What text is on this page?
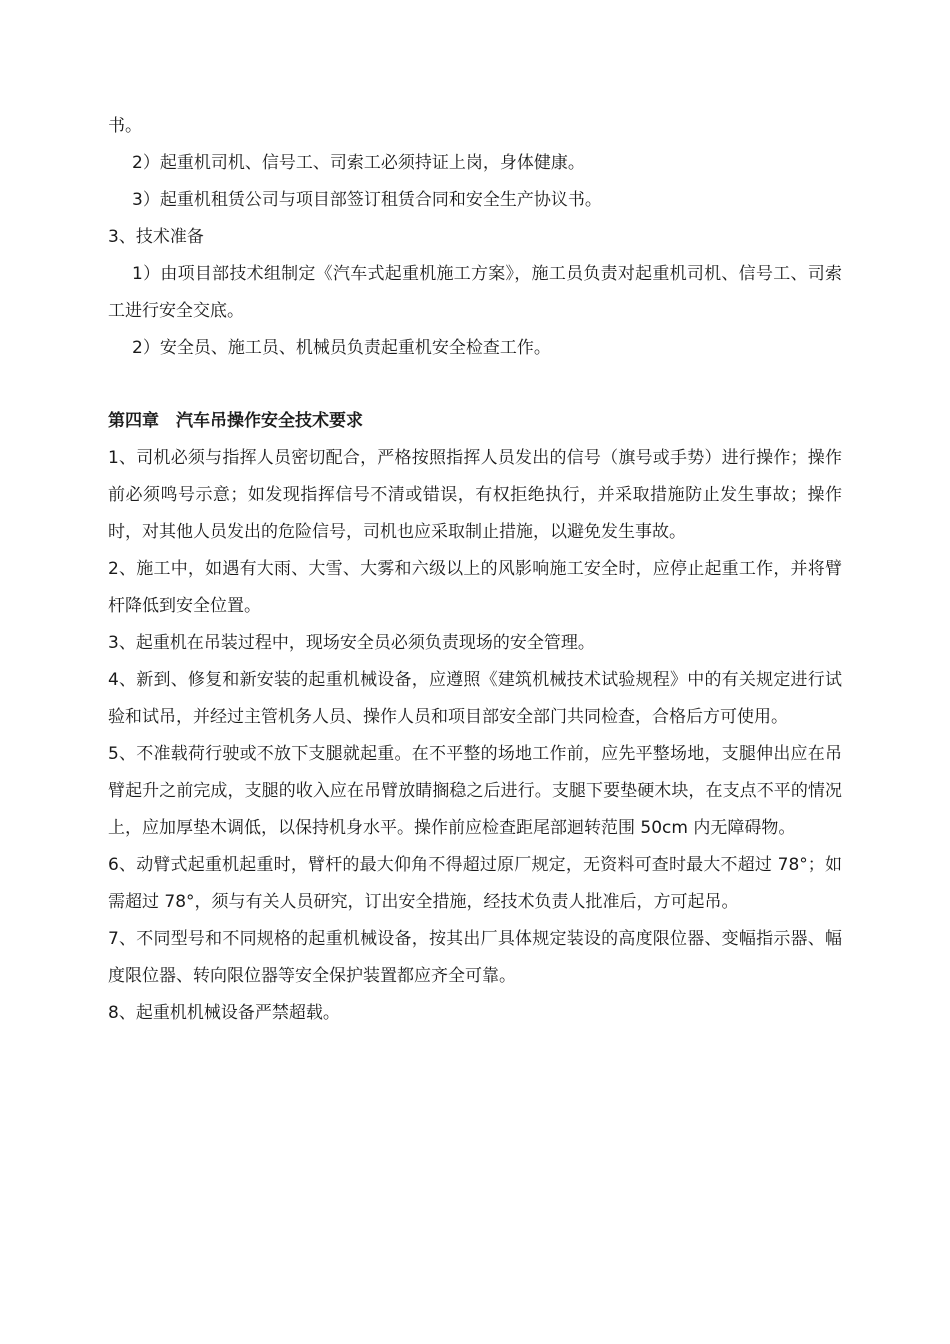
书。

2）起重机司机、信号工、司索工必须持证上岗，身体健康。

3）起重机租赁公司与项目部签订租赁合同和安全生产协议书。

3、技术准备

1）由项目部技术组制定《汽车式起重机施工方案》，施工员负责对起重机司机、信号工、司索工进行安全交底。

2）安全员、施工员、机械员负责起重机安全检查工作。

第四章　汽车吊操作安全技术要求

1、司机必须与指挥人员密切配合，严格按照指挥人员发出的信号（旗号或手势）进行操作；操作前必须鸣号示意；如发现指挥信号不清或错误，有权拒绝执行，并采取措施防止发生事故；操作时，对其他人员发出的危险信号，司机也应采取制止措施，以避免发生事故。

2、施工中，如遇有大雨、大雪、大雾和六级以上的风影响施工安全时，应停止起重工作，并将臂杆降低到安全位置。

3、起重机在吊装过程中，现场安全员必须负责现场的安全管理。

4、新到、修复和新安装的起重机械设备，应遵照《建筑机械技术试验规程》中的有关规定进行试验和试吊，并经过主管机务人员、操作人员和项目部安全部门共同检查，合格后方可使用。

5、不准载荷行驶或不放下支腿就起重。在不平整的场地工作前，应先平整场地，支腿伸出应在吊臂起升之前完成，支腿的收入应在吊臂放睛搁稳之后进行。支腿下要垫硬木块，在支点不平的情况上，应加厚垫木调低，以保持机身水平。操作前应检查距尾部迴转范围 50cm 内无障碍物。

6、动臂式起重机起重时，臂杆的最大仰角不得超过原厂规定，无资料可查时最大不超过 78°；如需超过 78°，须与有关人员研究，订出安全措施，经技术负责人批准后，方可起吊。

7、不同型号和不同规格的起重机械设备，按其出厂具体规定装设的高度限位器、变幅指示器、幅度限位器、转向限位器等安全保护装置都应齐全可靠。

8、起重机机械设备严禁超载。
